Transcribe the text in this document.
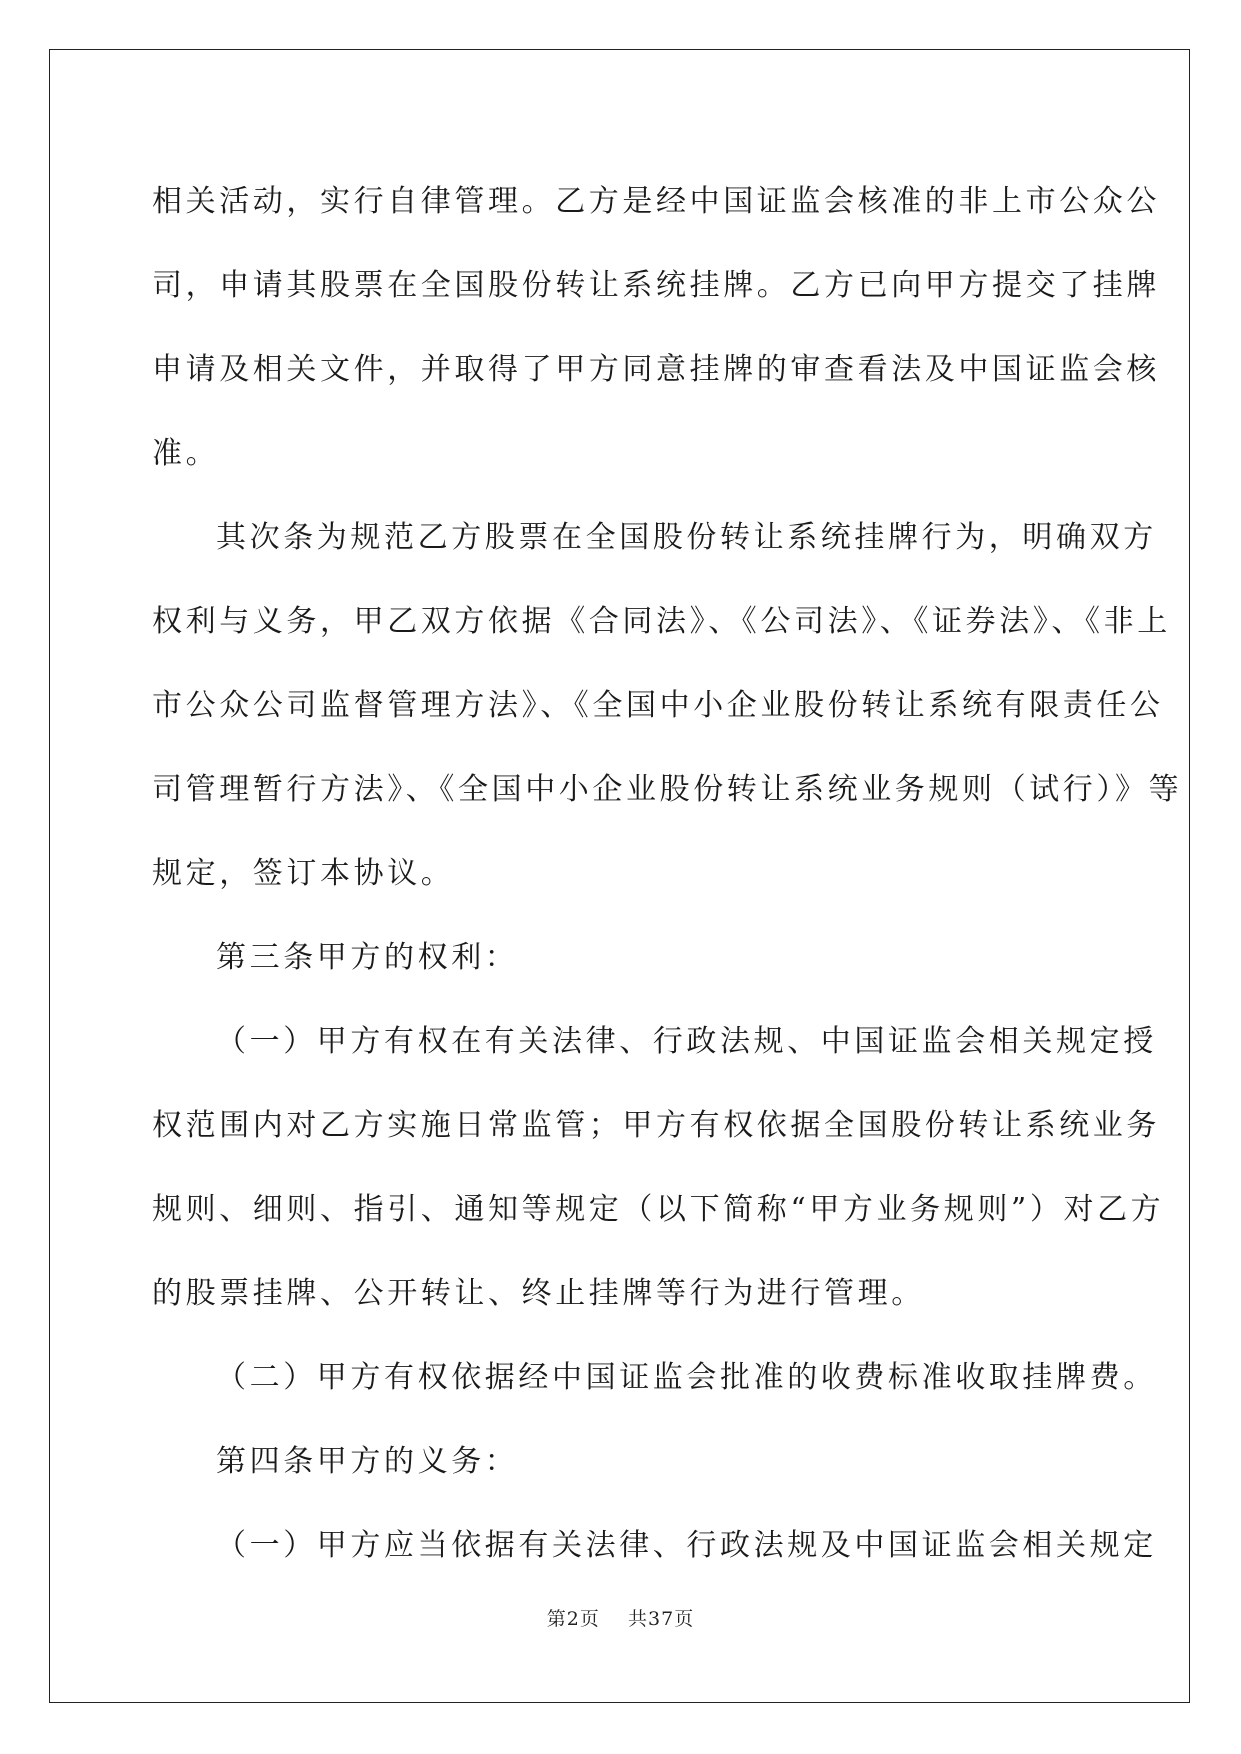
相关活动，实行自律管理。乙方是经中国证监会核准的非上市公众公
司，申请其股票在全国股份转让系统挂牌。乙方已向甲方提交了挂牌
申请及相关文件，并取得了甲方同意挂牌的审查看法及中国证监会核
准。
其次条为规范乙方股票在全国股份转让系统挂牌行为，明确双方
权利与义务，甲乙双方依据《合同法》、《公司法》、《证券法》、《非上
市公众公司监督管理方法》、《全国中小企业股份转让系统有限责任公
司管理暂行方法》、《全国中小企业股份转让系统业务规则（试行）》等
规定，签订本协议。
第三条甲方的权利：
（一）甲方有权在有关法律、行政法规、中国证监会相关规定授
权范围内对乙方实施日常监管；甲方有权依据全国股份转让系统业务
规则、细则、指引、通知等规定（以下简称“甲方业务规则”）对乙方
的股票挂牌、公开转让、终止挂牌等行为进行管理。
（二）甲方有权依据经中国证监会批准的收费标准收取挂牌费。
第四条甲方的义务：
（一）甲方应当依据有关法律、行政法规及中国证监会相关规定
第2页 共37页
